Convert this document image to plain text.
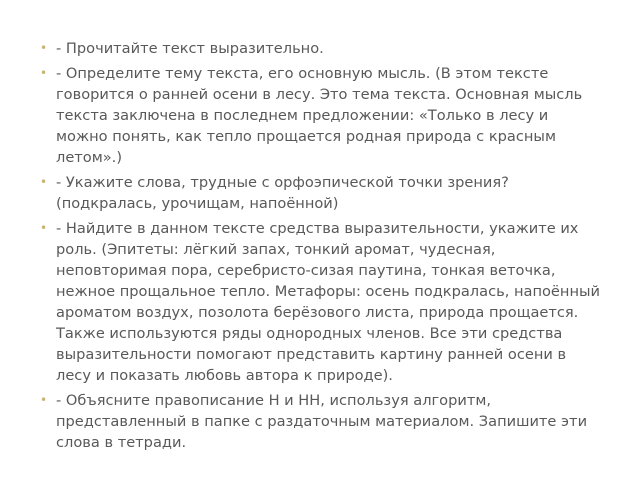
• - Прочитайте текст выразительно.
• - Определите тему текста, его основную мысль. (В этом тексте говорится о ранней осени в лесу. Это тема текста. Основная мысль текста заключена в последнем предложении: «Только в лесу и можно понять, как тепло прощается родная природа с красным летом».)
• - Укажите слова, трудные с орфоэпической точки зрения? (подкралась, урочищам, напоённой)
• - Найдите в данном тексте средства выразительности, укажите их роль. (Эпитеты: лёгкий запах, тонкий аромат, чудесная, неповторимая пора, серебристо-сизая паутина, тонкая веточка, нежное прощальное тепло. Метафоры: осень подкралась, напоённый ароматом воздух, позолота берёзового листа, природа прощается. Также используются ряды однородных членов. Все эти средства выразительности помогают представить картину ранней осени в лесу и показать любовь автора к природе).
• - Объясните правописание Н и НН, используя алгоритм, представленный в папке с раздаточным материалом. Запишите эти слова в тетради.
